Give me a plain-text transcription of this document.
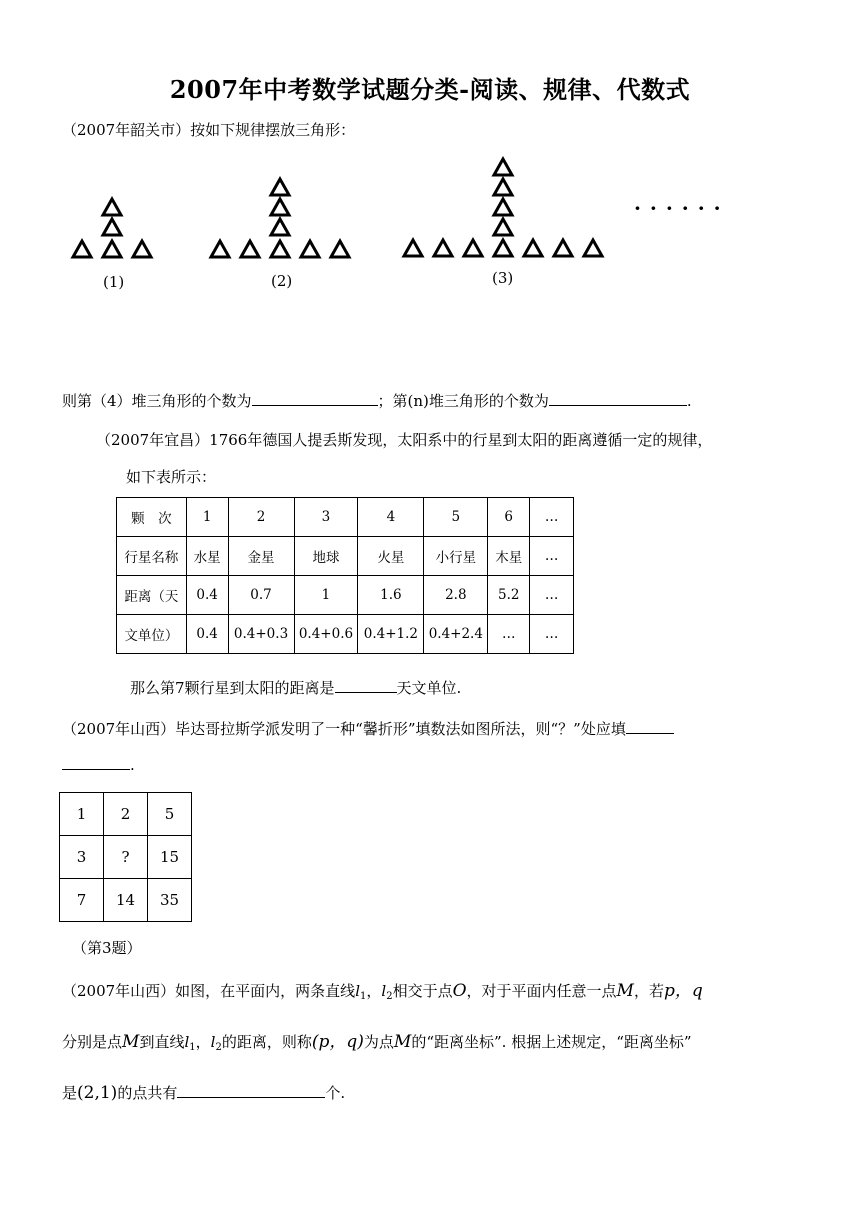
2007年中考数学试题分类-阅读、规律、代数式
（2007年韶关市）按如下规律摆放三角形：
(1)	(2)	(3)
· · · · · ·
则第（4）堆三角形的个数为	；第(n)堆三角形的个数为	.
（2007年宜昌）1766年德国人提丢斯发现，太阳系中的行星到太阳的距离遵循一定的规律，
如下表所示：
颗　次	1	2	3	4	5	6	…
行星名称	水星	金星	地球	火星	小行星	木星	…
距离（天	0.4	0.7	1	1.6	2.8	5.2	…
文单位）	0.4	0.4+0.3	0.4+0.6	0.4+1.2	0.4+2.4	…	…
那么第7颗行星到太阳的距离是	天文单位.
（2007年山西）毕达哥拉斯学派发明了一种“馨折形”填数法如图所法，则“？”处应填
.
1	2	5
3	?	15
7	14	35
（第3题）
（2007年山西）如图，在平面内，两条直线$l_1$，$l_2$相交于点O，对于平面内任意一点M，若p，q
分别是点M到直线$l_1$，$l_2$的距离，则称(p，q)为点M的“距离坐标”. 根据上述规定，“距离坐标”
是(2,1)的点共有	个.
